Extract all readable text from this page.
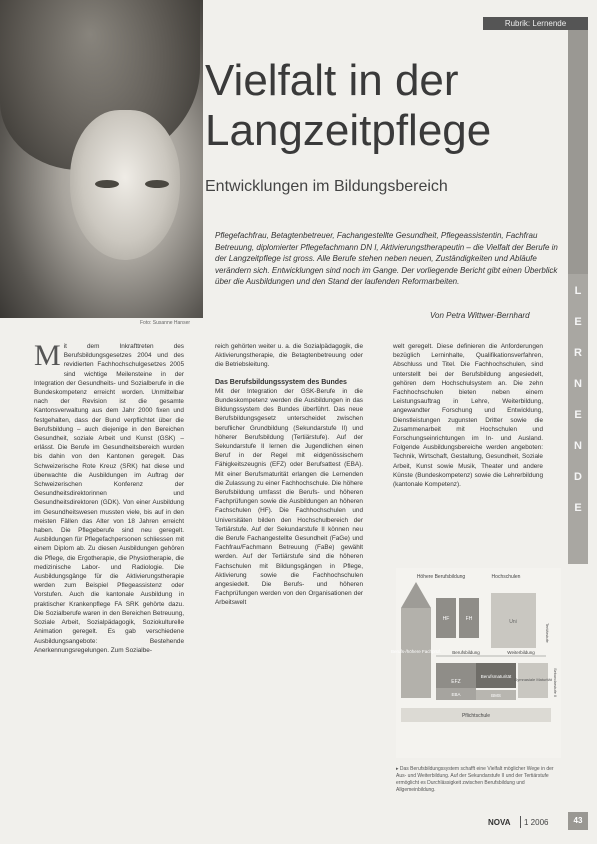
Foto: Susanne Hanser
Rubrik: Lernende
L
E
R
N
E
N
D
E
Vielfalt in der
Langzeitpflege
Entwicklungen im Bildungsbereich
Pflegefachfrau, Betagtenbetreuer, Fachangestellte Gesundheit, Pflegeassistentin, Fachfrau Betreuung, diplomierter Pflegefachmann DN I, Aktivierungstherapeutin – die Vielfalt der Berufe in der Langzeitpflege ist gross. Alle Berufe stehen neben neuen, Zuständigkeiten und Abläufe verändern sich. Entwicklungen sind noch im Gange. Der vorliegende Bericht gibt einen Überblick über die Ausbildungen und den Stand der laufenden Reformarbeiten.
Von Petra Wittwer-Bernhard
M it dem Inkrafttreten des Berufsbildungsgesetzes 2004 und des revidierten Fachhochschulgesetzes 2005 sind wichtige Meilensteine in der Integration der Gesundheits- und Sozialberufe in die Bundeskompetenz erreicht worden. Unmittelbar nach der Revision ist die gesamte Kantonsverwaltung aus dem Jahr 2000 fixen und festgehalten, dass der Bund verpflichtet über die Berufsbildung – auch diejenige in den Bereichen Gesundheit, soziale Arbeit und Kunst (GSK) – erlässt. Die Berufe im Gesundheitsbereich wurden bis dahin von den Kantonen geregelt. Das Schweizerische Rote Kreuz (SRK) hat diese und überwachte die Ausbildungen im Auftrag der Schweizerischen Konferenz der Gesundheitsdirektorinnen und Gesundheitsdirektoren (GDK). Von einer Ausbildung im Gesundheitswesen mussten viele, bis auf in den meisten Fällen das Alter von 18 Jahren erreicht haben. Die Pflegeberufe sind neu geregelt. Ausbildungen für Pflegefachpersonen schliessen mit einem Diplom ab. Zu diesen Ausbildungen gehören die Pflege, die Ergotherapie, die Physiotherapie, die medizinische Labor- und Radiologie. Die Ausbildungsgänge für die Aktivierungstherapie werden zum Beispiel Pflegeassistenz oder Vorstufen. Auch die kantonale Ausbildung in praktischer Krankenpflege FA SRK gehörte dazu. Die Sozialberufe waren in den Bereichen Betreuung, Soziale Arbeit, Sozialpädagogik, Soziokulturelle Animation geregelt. Es gab verschiedene Ausbildungsangebote: Bestehende Anerkennungsregelungen. Zum Sozialbe-
reich gehörten weiter u. a. die Sozialpädagogik, die Aktivierungstherapie, die Betagtenbetreuung oder die Betriebsleitung.
Das Berufsbildungssystem des Bundes
Mit der Integration der GSK-Berufe in die Bundeskompetenz werden die Ausbildungen in das Bildungssystem des Bundes überführt. Das neue Berufsbildungsgesetz unterscheidet zwischen beruflicher Grundbildung (Sekundarstufe II) und höherer Berufsbildung (Tertiärstufe). Auf der Sekundarstufe II lernen die Jugendlichen einen Beruf in der Regel mit eidgenössischem Fähigkeitszeugnis (EFZ) oder Berufsattest (EBA). Mit einer Berufsmaturität erlangen die Lernenden die Zulassung zu einer Fachhochschule. Die höhere Berufsbildung umfasst die Berufs- und höheren Fachprüfungen sowie die Ausbildungen an höheren Fachschulen (HF). Die Fachhochschulen und Universitäten bilden den Hochschulbereich der Tertiärstufe. Auf der Sekundarstufe II können neu die Berufe Fachangestellte Gesundheit (FaGe) und Fachfrau/Fachmann Betreuung (FaBe) gewählt werden. Auf der Tertiärstufe sind die höheren Fachschulen mit Bildungsgängen in Pflege, Aktivierung sowie die Fachhochschulen angesiedelt. Die Berufs- und höheren Fachprüfungen werden von den Organisationen der Arbeitswelt
welt geregelt. Diese definieren die Anforderungen bezüglich Lerninhalte, Qualifikationsverfahren, Abschluss und Titel. Die Fachhochschulen, sind unterstellt bei der Berufsbildung angesiedelt, gehören dem Hochschulsystem an. Die zehn Fachhochschulen bieten neben einem Leistungsauftrag in Lehre, Weiterbildung, angewandter Forschung und Entwicklung, Dienstleistungen zugunsten Dritter sowie die Zusammenarbeit mit Hochschulen und Forschungseinrichtungen im In- und Ausland. Folgende Ausbildungsbereiche werden angeboten: Technik, Wirtschaft, Gestaltung, Gesundheit, Soziale Arbeit, Kunst sowie Musik, Theater und andere Künste (Bundeskompetenz) sowie die Lehrerbildung (kantonale Kompetenz).
Höhere Berufsbildung	Hochschulen
Berufs-/höhere Fachprüf.
HF	FH	Uni
Tertiärstufe
Berufsbildung	Weiterbildung
EFZ
Berufsmaturität
Gymnasiale Maturität Sekundarstufe II
EBA	BMS
Pflichtschule
▸ Das Berufsbildungssystem schafft eine Vielfalt möglicher Wege in der Aus- und Weiterbildung. Auf der Sekundarstufe II und der Tertiärstufe ermöglicht es Durchlässigkeit zwischen Berufsbildung und Allgemeinbildung.
NOVA 1 2006	43
